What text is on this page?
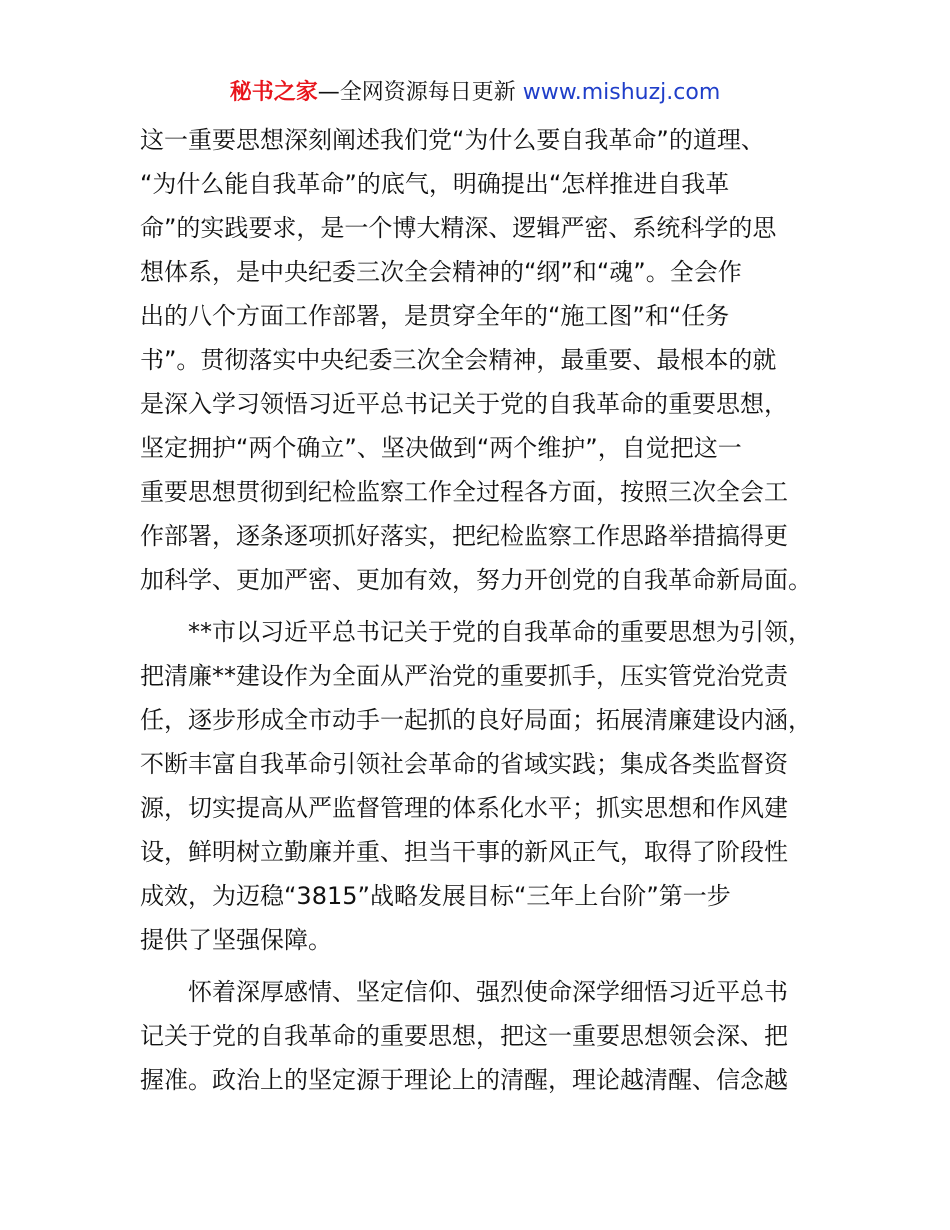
秘书之家—全网资源每日更新 www.mishuzj.com
这一重要思想深刻阐述我们党“为什么要自我革命”的道理、
“为什么能自我革命”的底气，明确提出“怎样推进自我革
命”的实践要求，是一个博大精深、逻辑严密、系统科学的思
想体系，是中央纪委三次全会精神的“纲”和“魂”。全会作
出的八个方面工作部署，是贯穿全年的“施工图”和“任务
书”。贯彻落实中央纪委三次全会精神，最重要、最根本的就
是深入学习领悟习近平总书记关于党的自我革命的重要思想，
坚定拥护“两个确立”、坚决做到“两个维护”，自觉把这一
重要思想贯彻到纪检监察工作全过程各方面，按照三次全会工
作部署，逐条逐项抓好落实，把纪检监察工作思路举措搞得更
加科学、更加严密、更加有效，努力开创党的自我革命新局面。
　　**市以习近平总书记关于党的自我革命的重要思想为引领，
把清廉**建设作为全面从严治党的重要抓手，压实管党治党责
任，逐步形成全市动手一起抓的良好局面；拓展清廉建设内涵，
不断丰富自我革命引领社会革命的省域实践；集成各类监督资
源，切实提高从严监督管理的体系化水平；抓实思想和作风建
设，鲜明树立勤廉并重、担当干事的新风正气，取得了阶段性
成效，为迈稳“3815”战略发展目标“三年上台阶”第一步
提供了坚强保障。
　　怀着深厚感情、坚定信仰、强烈使命深学细悟习近平总书
记关于党的自我革命的重要思想，把这一重要思想领会深、把
握准。政治上的坚定源于理论上的清醒，理论越清醒、信念越
